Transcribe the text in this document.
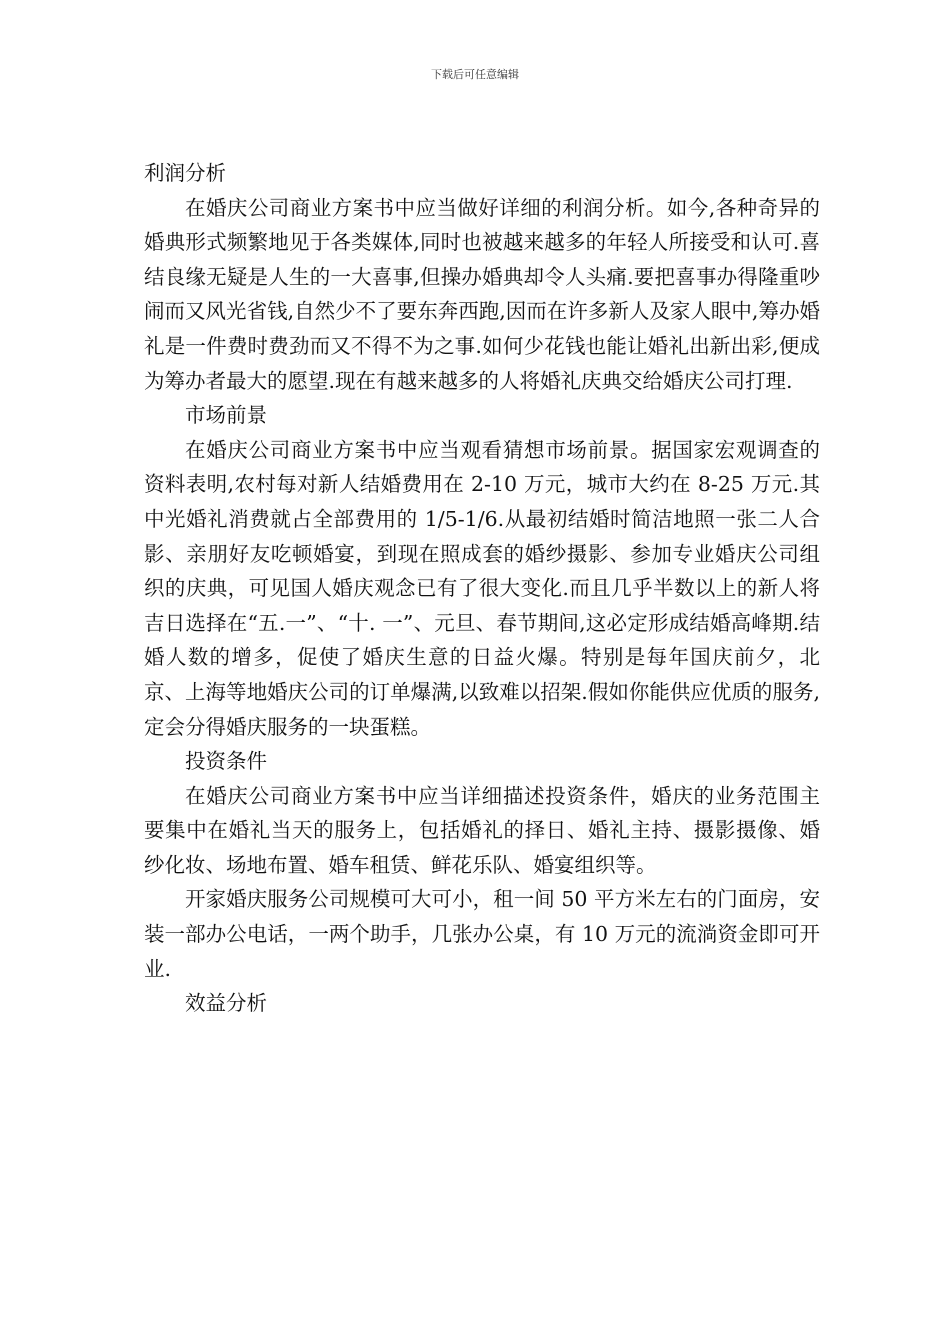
下载后可任意编辑

利润分析

在婚庆公司商业方案书中应当做好详细的利润分析。如今,各种奇异的婚典形式频繁地见于各类媒体,同时也被越来越多的年轻人所接受和认可.喜结良缘无疑是人生的一大喜事,但操办婚典却令人头痛.要把喜事办得隆重吵闹而又风光省钱,自然少不了要东奔西跑,因而在许多新人及家人眼中,筹办婚礼是一件费时费劲而又不得不为之事.如何少花钱也能让婚礼出新出彩,便成为筹办者最大的愿望.现在有越来越多的人将婚礼庆典交给婚庆公司打理.

市场前景

在婚庆公司商业方案书中应当观看猜想市场前景。据国家宏观调查的资料表明,农村每对新人结婚费用在 2-10 万元，城市大约在 8-25 万元.其中光婚礼消费就占全部费用的 1/5-1/6.从最初结婚时简洁地照一张二人合影、亲朋好友吃顿婚宴，到现在照成套的婚纱摄影、参加专业婚庆公司组织的庆典，可见国人婚庆观念已有了很大变化.而且几乎半数以上的新人将吉日选择在“五.一”、“十. 一”、元旦、春节期间,这必定形成结婚高峰期.结婚人数的增多，促使了婚庆生意的日益火爆。特别是每年国庆前夕，北京、上海等地婚庆公司的订单爆满,以致难以招架.假如你能供应优质的服务,定会分得婚庆服务的一块蛋糕。

投资条件

在婚庆公司商业方案书中应当详细描述投资条件，婚庆的业务范围主要集中在婚礼当天的服务上，包括婚礼的择日、婚礼主持、摄影摄像、婚纱化妆、场地布置、婚车租赁、鲜花乐队、婚宴组织等。

开家婚庆服务公司规模可大可小，租一间 50 平方米左右的门面房，安装一部办公电话，一两个助手，几张办公桌，有 10 万元的流淌资金即可开业.

效益分析
